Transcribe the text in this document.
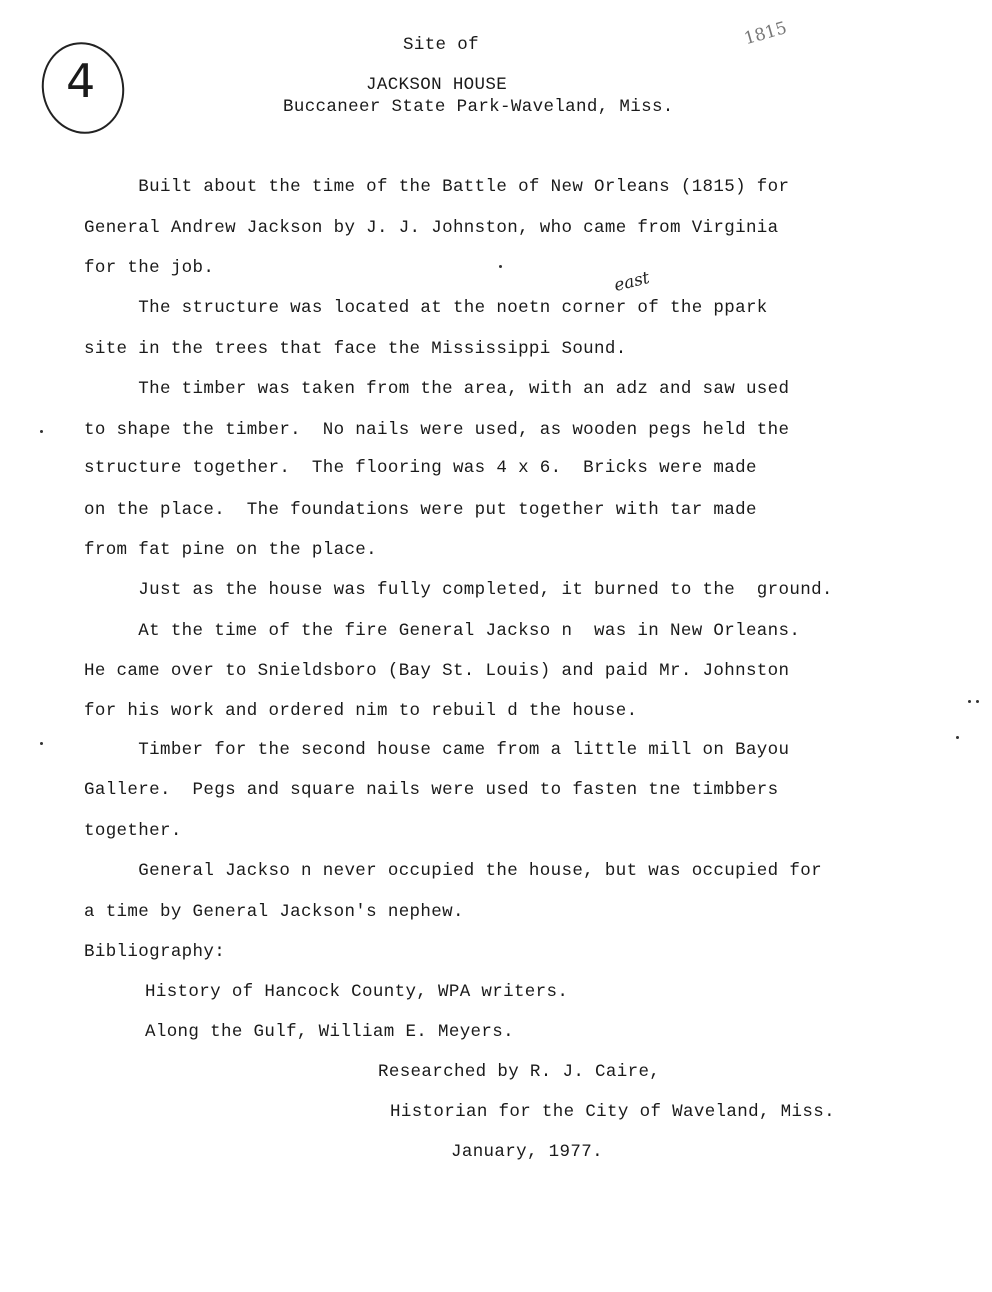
4
1815
Site of
JACKSON HOUSE
Buccaneer State Park-Waveland, Miss.
east
Built about the time of the Battle of New Orleans (1815) for
General Andrew Jackson by J. J. Johnston, who came from Virginia
for the job.
The structure was located at the noetn corner of the ppark
site in the trees that face the Mississippi Sound.
The timber was taken from the area, with an adz and saw used
to shape the timber.  No nails were used, as wooden pegs held the
structure together.  The flooring was 4 x 6.  Bricks were made
on the place.  The foundations were put together with tar made
from fat pine on the place.
Just as the house was fully completed, it burned to the  ground.
At the time of the fire General Jackso n  was in New Orleans.
He came over to Snieldsboro (Bay St. Louis) and paid Mr. Johnston
for his work and ordered nim to rebuil d the house.
Timber for the second house came from a little mill on Bayou
Gallere.  Pegs and square nails were used to fasten tne timbbers
together.
General Jackso n never occupied the house, but was occupied for
a time by General Jackson's nephew.
Bibliography:
History of Hancock County, WPA writers.
Along the Gulf, William E. Meyers.
Researched by R. J. Caire,
Historian for the City of Waveland, Miss.
January, 1977.
